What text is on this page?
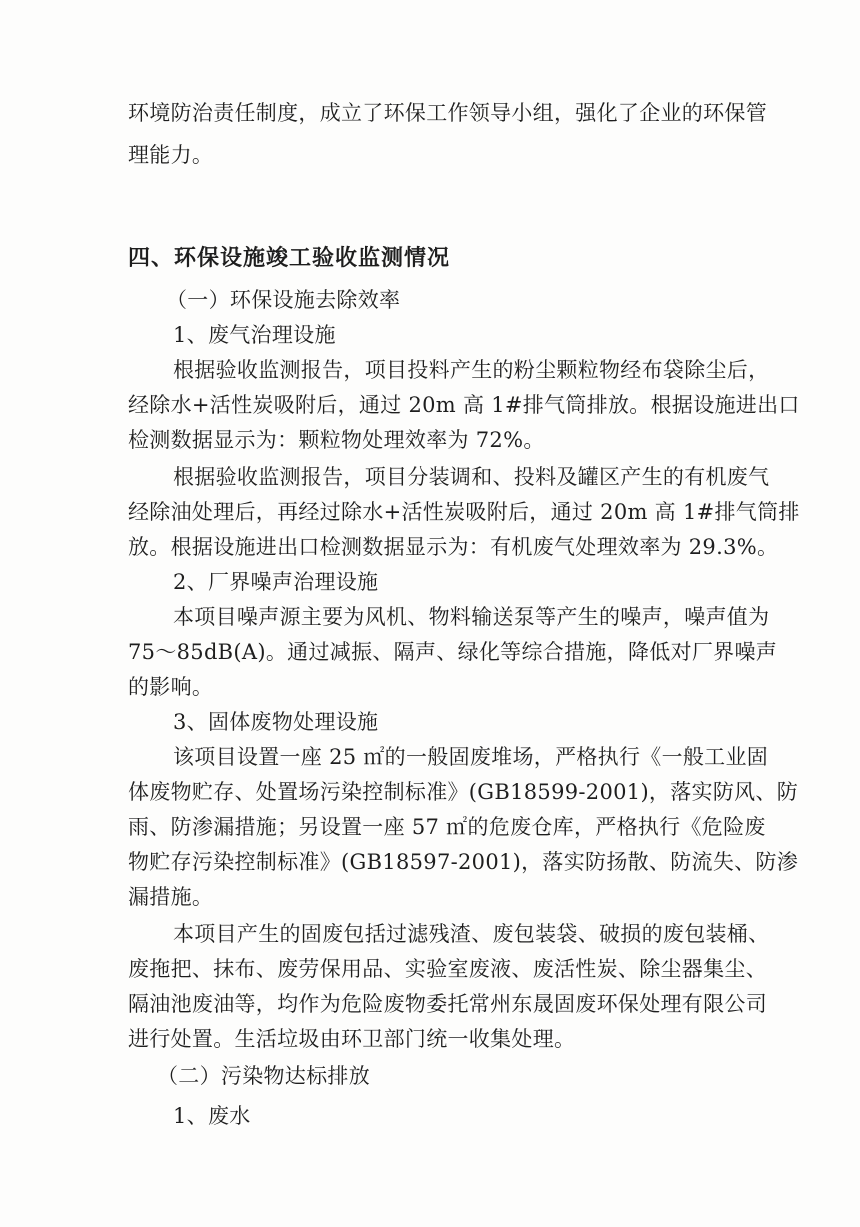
环境防治责任制度，成立了环保工作领导小组，强化了企业的环保管
理能力。
四、环保设施竣工验收监测情况
（一）环保设施去除效率
1、废气治理设施
根据验收监测报告，项目投料产生的粉尘颗粒物经布袋除尘后，
经除水+活性炭吸附后，通过 20m 高 1#排气筒排放。根据设施进出口
检测数据显示为：颗粒物处理效率为 72%。
根据验收监测报告，项目分装调和、投料及罐区产生的有机废气
经除油处理后，再经过除水+活性炭吸附后，通过 20m 高 1#排气筒排
放。根据设施进出口检测数据显示为：有机废气处理效率为 29.3%。
2、厂界噪声治理设施
本项目噪声源主要为风机、物料输送泵等产生的噪声，噪声值为
75～85dB(A)。通过减振、隔声、绿化等综合措施，降低对厂界噪声
的影响。
3、固体废物处理设施
该项目设置一座 25 ㎡的一般固废堆场，严格执行《一般工业固
体废物贮存、处置场污染控制标准》(GB18599-2001)，落实防风、防
雨、防渗漏措施；另设置一座 57 ㎡的危废仓库，严格执行《危险废
物贮存污染控制标准》(GB18597-2001)，落实防扬散、防流失、防渗
漏措施。
本项目产生的固废包括过滤残渣、废包装袋、破损的废包装桶、
废拖把、抹布、废劳保用品、实验室废液、废活性炭、除尘器集尘、
隔油池废油等，均作为危险废物委托常州东晟固废环保处理有限公司
进行处置。生活垃圾由环卫部门统一收集处理。
（二）污染物达标排放
1、废水
